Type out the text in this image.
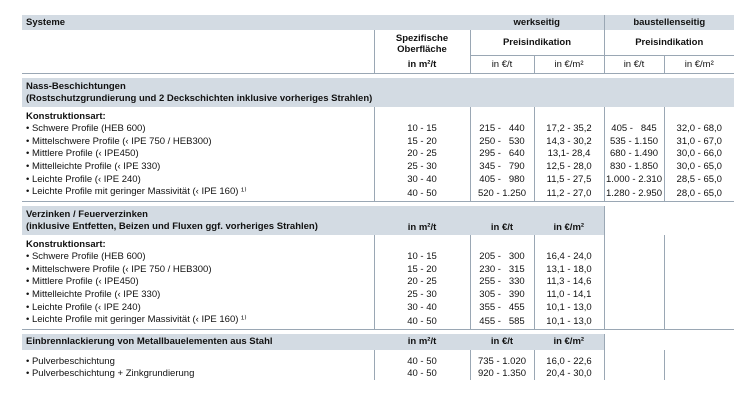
Systeme		werkseitig		baustellenseitig	
	Spezifische	Preisindikation		Preisindikation	
	Oberfläche				
	in m²/t	in €/t	in €/m²	in €/t	in €/m²

Nass-Beschichtungen					
(Rostschutzgrundierung und 2 Deckschichten inklusive vorheriges Strahlen)					
Konstruktionsart:					
• Schwere Profile (HEB 600)	10 - 15	215 -   440	17,2 - 35,2	405 -   845	32,0 - 68,0
• Mittelschwere Profile (‹ IPE 750 / HEB300)	15 - 20	250 -   530	14,3 - 30,2	535 - 1.150	31,0 - 67,0
• Mittlere Profile (‹ IPE450)	20 - 25	295 -   640	13,1- 28,4	680 - 1.490	30,0 - 66,0
• Mittelleichte Profile (‹ IPE 330)	25 - 30	345 -   790	12,5 - 28,0	830 - 1.850	30,0 - 65,0
• Leichte Profile (‹ IPE 240)	30 - 40	405 -   980	11,5 - 27,5	1.000 - 2.310	28,5 - 65,0
• Leichte Profile mit geringer Massivität (‹ IPE 160) ¹⁾	40 - 50	520 - 1.250	11,2 - 27,0	1.280 - 2.950	28,0 - 65,0

Verzinken / Feuerverzinken					
(inklusive Entfetten, Beizen und Fluxen ggf. vorheriges Strahlen)	in m²/t	in €/t	in €/m²		
Konstruktionsart:					
• Schwere Profile (HEB 600)	10 - 15	205 -   300	16,4 - 24,0		
• Mittelschwere Profile (‹ IPE 750 / HEB300)	15 - 20	230 -   315	13,1 - 18,0		
• Mittlere Profile (‹ IPE450)	20 - 25	255 -   330	11,3 - 14,6		
• Mittelleichte Profile (‹ IPE 330)	25 - 30	305 -   390	11,0 - 14,1		
• Leichte Profile (‹ IPE 240)	30 - 40	355 -   455	10,1 - 13,0		
• Leichte Profile mit geringer Massivität (‹ IPE 160) ¹⁾	40 - 50	455 -   585	10,1 - 13,0		

Einbrennlackierung von Metallbauelementen aus Stahl	in m²/t	in €/t	in €/m²		

• Pulverbeschichtung	40 - 50	735 - 1.020	16,0 - 22,6		
• Pulverbeschichtung + Zinkgrundierung	40 - 50	920 - 1.350	20,4 - 30,0		
